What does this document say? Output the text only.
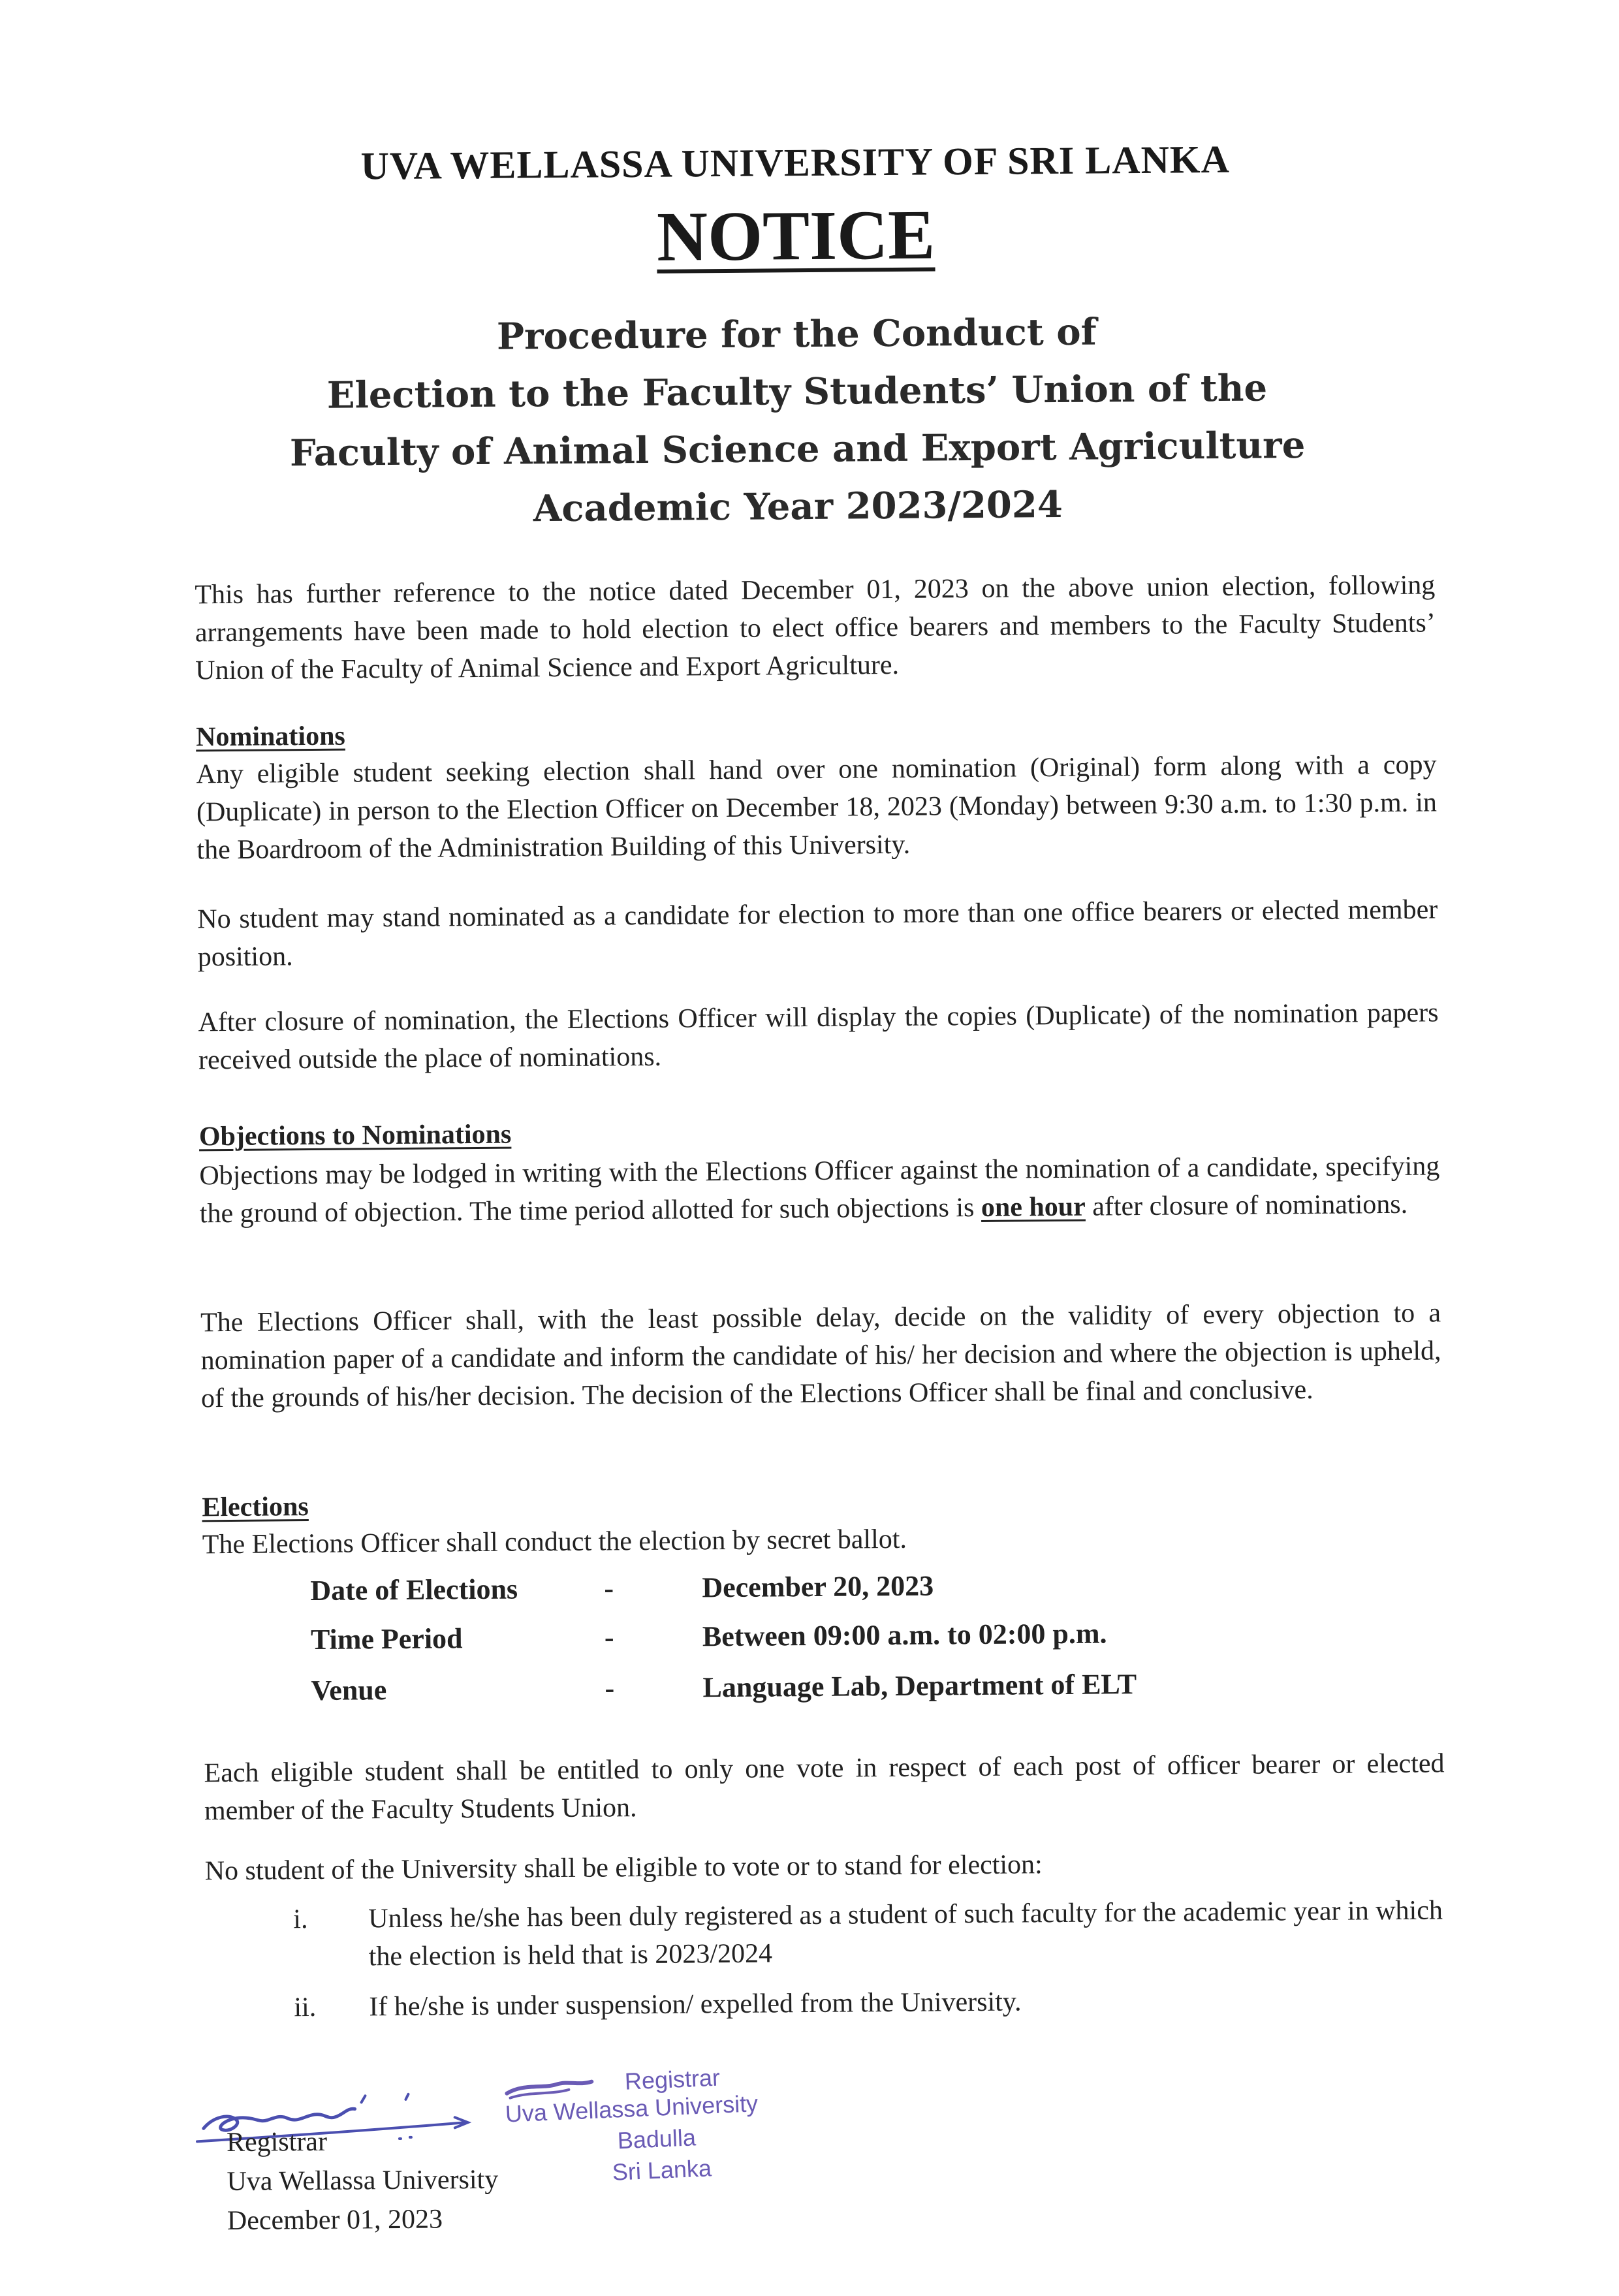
UVA WELLASSA UNIVERSITY OF SRI LANKA
NOTICE
Procedure for the Conduct of
Election to the Faculty Students’ Union of the
Faculty of Animal Science and Export Agriculture
Academic Year 2023/2024
This has further reference to the notice dated December 01, 2023 on the above union election, following arrangements have been made to hold election to elect office bearers and members to the Faculty Students’ Union of the Faculty of Animal Science and Export Agriculture.
Nominations
Any eligible student seeking election shall hand over one nomination (Original) form along with a copy (Duplicate) in person to the Election Officer on December 18, 2023 (Monday) between 9:30 a.m. to 1:30 p.m. in the Boardroom of the Administration Building of this University.
No student may stand nominated as a candidate for election to more than one office bearers or elected member position.
After closure of nomination, the Elections Officer will display the copies (Duplicate) of the nomination papers received outside the place of nominations.
Objections to Nominations
Objections may be lodged in writing with the Elections Officer against the nomination of a candidate, specifying the ground of objection. The time period allotted for such objections is one hour after closure of nominations.
The Elections Officer shall, with the least possible delay, decide on the validity of every objection to a nomination paper of a candidate and inform the candidate of his/ her decision and where the objection is upheld, of the grounds of his/her decision. The decision of the Elections Officer shall be final and conclusive.
Elections
The Elections Officer shall conduct the election by secret ballot.
Date of Elections	-	December 20, 2023
Time Period	-	Between 09:00 a.m. to 02:00 p.m.
Venue	-	Language Lab, Department of ELT
Each eligible student shall be entitled to only one vote in respect of each post of officer bearer or elected member of the Faculty Students Union.
No student of the University shall be eligible to vote or to stand for election:
i.	Unless he/she has been duly registered as a student of such faculty for the academic year in which the election is held that is 2023/2024
ii.	If he/she is under suspension/ expelled from the University.
Registrar
Uva Wellassa University
Badulla
Sri Lanka
Registrar
Uva Wellassa University
December 01, 2023
